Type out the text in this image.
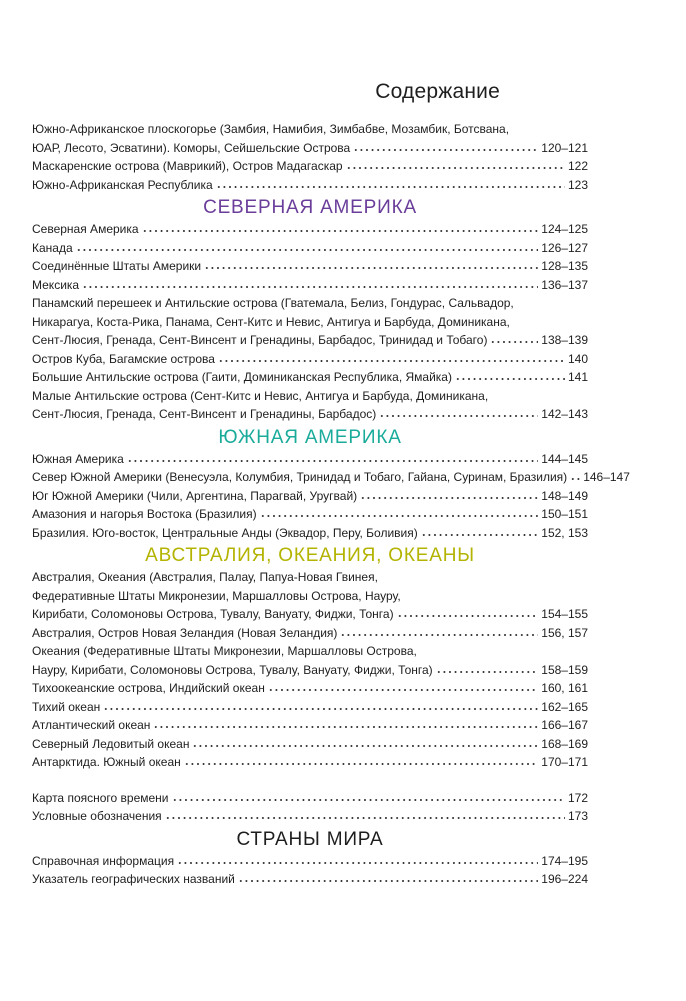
Содержание
Южно-Африканское плоскогорье (Замбия, Намибия, Зимбабве, Мозамбик, Ботсвана,
ЮАР, Лесото, Эсватини). Коморы, Сейшельские Острова	120–121
Маскаренские острова (Маврикий), Остров Мадагаскар	122
Южно-Африканская Республика	123
СЕВЕРНАЯ АМЕРИКА
Северная Америка	124–125
Канада	126–127
Соединённые Штаты Америки	128–135
Мексика	136–137
Панамский перешеек и Антильские острова (Гватемала, Белиз, Гондурас, Сальвадор,
Никарагуа, Коста-Рика, Панама, Сент-Китс и Невис, Антигуа и Барбуда, Доминикана,
Сент-Люсия, Гренада, Сент-Винсент и Гренадины, Барбадос, Тринидад и Тобаго)	138–139
Остров Куба, Багамские острова	140
Большие Антильские острова (Гаити, Доминиканская Республика, Ямайка)	141
Малые Антильские острова (Сент-Китс и Невис, Антигуа и Барбуда, Доминикана,
Сент-Люсия, Гренада, Сент-Винсент и Гренадины, Барбадос)	142–143
ЮЖНАЯ АМЕРИКА
Южная Америка	144–145
Север Южной Америки (Венесуэла, Колумбия, Тринидад и Тобаго, Гайана, Суринам, Бразилия) 146–147
Юг Южной Америки (Чили, Аргентина, Парагвай, Уругвай)	148–149
Амазония и нагорья Востока (Бразилия)	150–151
Бразилия. Юго-восток, Центральные Анды (Эквадор, Перу, Боливия)	152, 153
АВСТРАЛИЯ, ОКЕАНИЯ, ОКЕАНЫ
Австралия, Океания (Австралия, Палау, Папуа-Новая Гвинея,
Федеративные Штаты Микронезии, Маршалловы Острова, Науру,
Кирибати, Соломоновы Острова, Тувалу, Вануату, Фиджи, Тонга)	154–155
Австралия, Остров Новая Зеландия (Новая Зеландия)	156, 157
Океания (Федеративные Штаты Микронезии, Маршалловы Острова,
Науру, Кирибати, Соломоновы Острова, Тувалу, Вануату, Фиджи, Тонга)	158–159
Тихоокеанские острова, Индийский океан	160, 161
Тихий океан	162–165
Атлантический океан	166–167
Северный Ледовитый океан	168–169
Антарктида. Южный океан	170–171
Карта поясного времени	172
Условные обозначения	173
СТРАНЫ МИРА
Справочная информация	174–195
Указатель географических названий	196–224
